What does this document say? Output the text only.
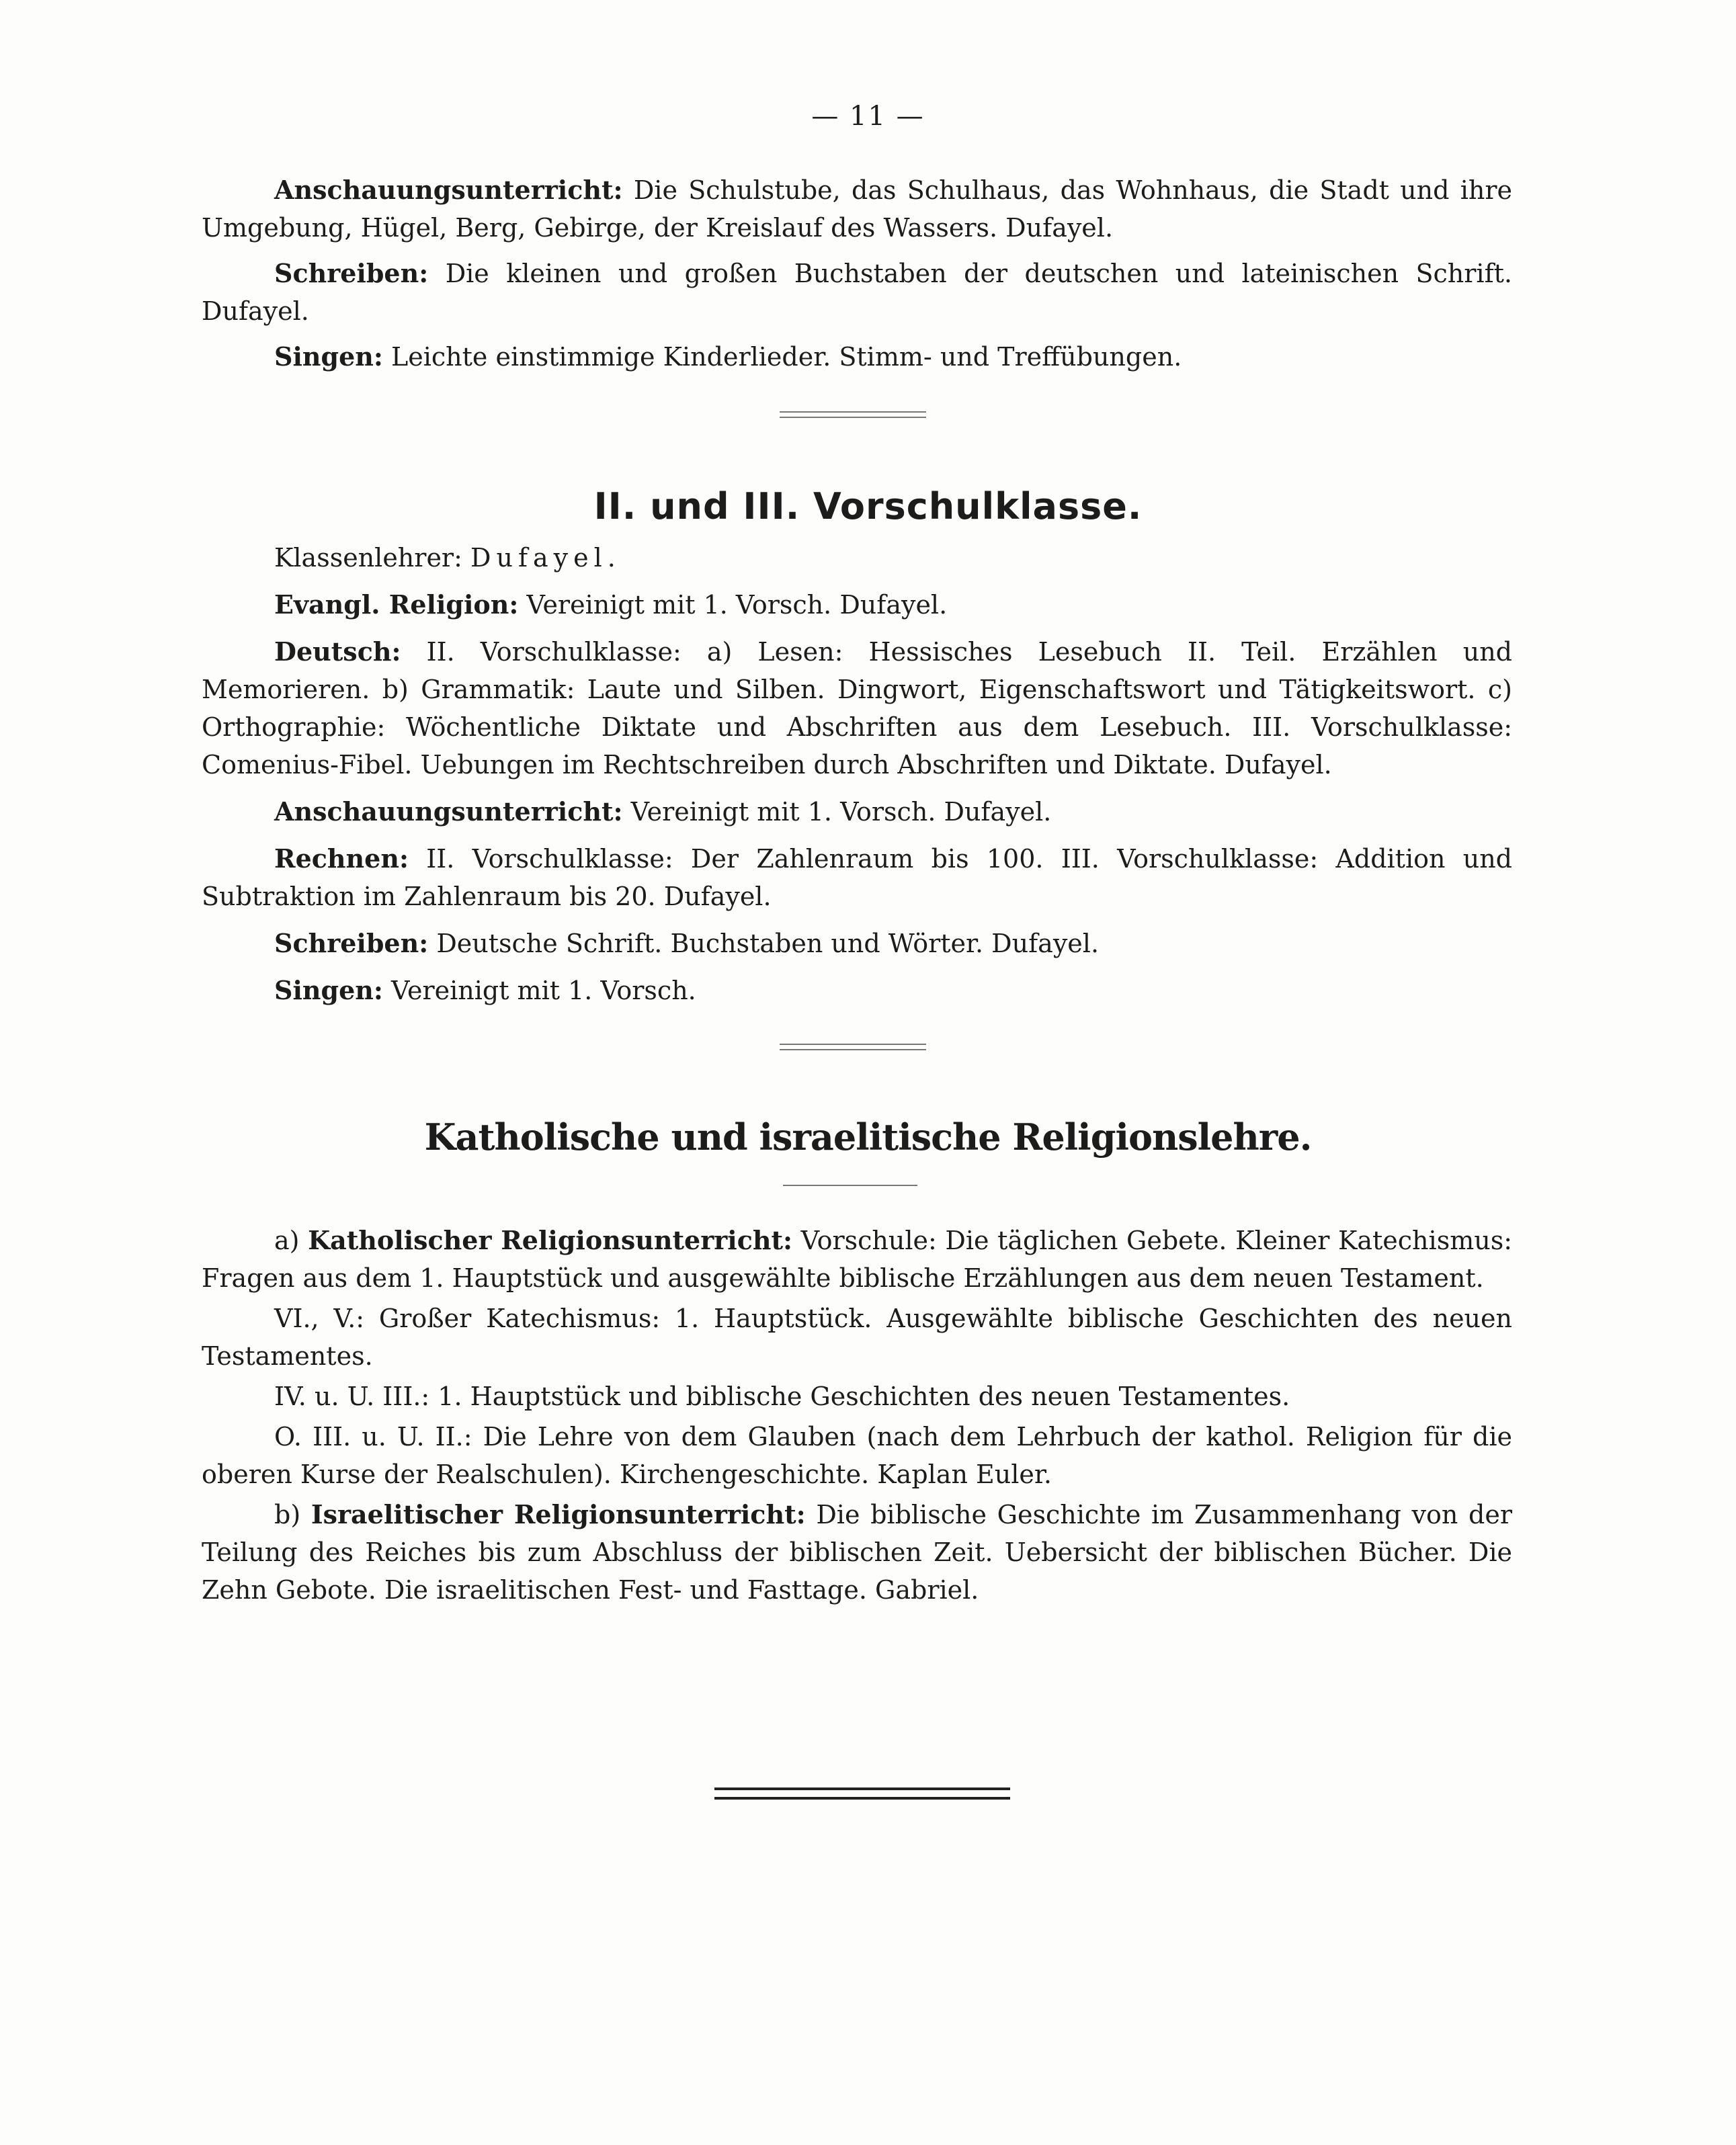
— 11 —

Anschauungsunterricht: Die Schulstube, das Schulhaus, das Wohnhaus, die Stadt und ihre Umgebung, Hügel, Berg, Gebirge, der Kreislauf des Wassers. Dufayel.

Schreiben: Die kleinen und großen Buchstaben der deutschen und lateinischen Schrift. Dufayel.

Singen: Leichte einstimmige Kinderlieder. Stimm- und Treffübungen.

II. und III. Vorschulklasse.

Klassenlehrer: Dufayel.

Evangl. Religion: Vereinigt mit 1. Vorsch. Dufayel.

Deutsch: II. Vorschulklasse: a) Lesen: Hessisches Lesebuch II. Teil. Erzählen und Memorieren. b) Grammatik: Laute und Silben. Dingwort, Eigenschaftswort und Tätigkeitswort. c) Orthographie: Wöchentliche Diktate und Abschriften aus dem Lesebuch. III. Vorschulklasse: Comenius-Fibel. Uebungen im Rechtschreiben durch Abschriften und Diktate. Dufayel.

Anschauungsunterricht: Vereinigt mit 1. Vorsch. Dufayel.

Rechnen: II. Vorschulklasse: Der Zahlenraum bis 100. III. Vorschulklasse: Addition und Subtraktion im Zahlenraum bis 20. Dufayel.

Schreiben: Deutsche Schrift. Buchstaben und Wörter. Dufayel.

Singen: Vereinigt mit 1. Vorsch.

Katholische und israelitische Religionslehre.

a) Katholischer Religionsunterricht: Vorschule: Die täglichen Gebete. Kleiner Katechismus: Fragen aus dem 1. Hauptstück und ausgewählte biblische Erzählungen aus dem neuen Testament.

VI., V.: Großer Katechismus: 1. Hauptstück. Ausgewählte biblische Geschichten des neuen Testamentes.

IV. u. U. III.: 1. Hauptstück und biblische Geschichten des neuen Testamentes.

O. III. u. U. II.: Die Lehre von dem Glauben (nach dem Lehrbuch der kathol. Religion für die oberen Kurse der Realschulen). Kirchengeschichte. Kaplan Euler.

b) Israelitischer Religionsunterricht: Die biblische Geschichte im Zusammenhang von der Teilung des Reiches bis zum Abschluss der biblischen Zeit. Uebersicht der biblischen Bücher. Die Zehn Gebote. Die israelitischen Fest- und Fasttage. Gabriel.
